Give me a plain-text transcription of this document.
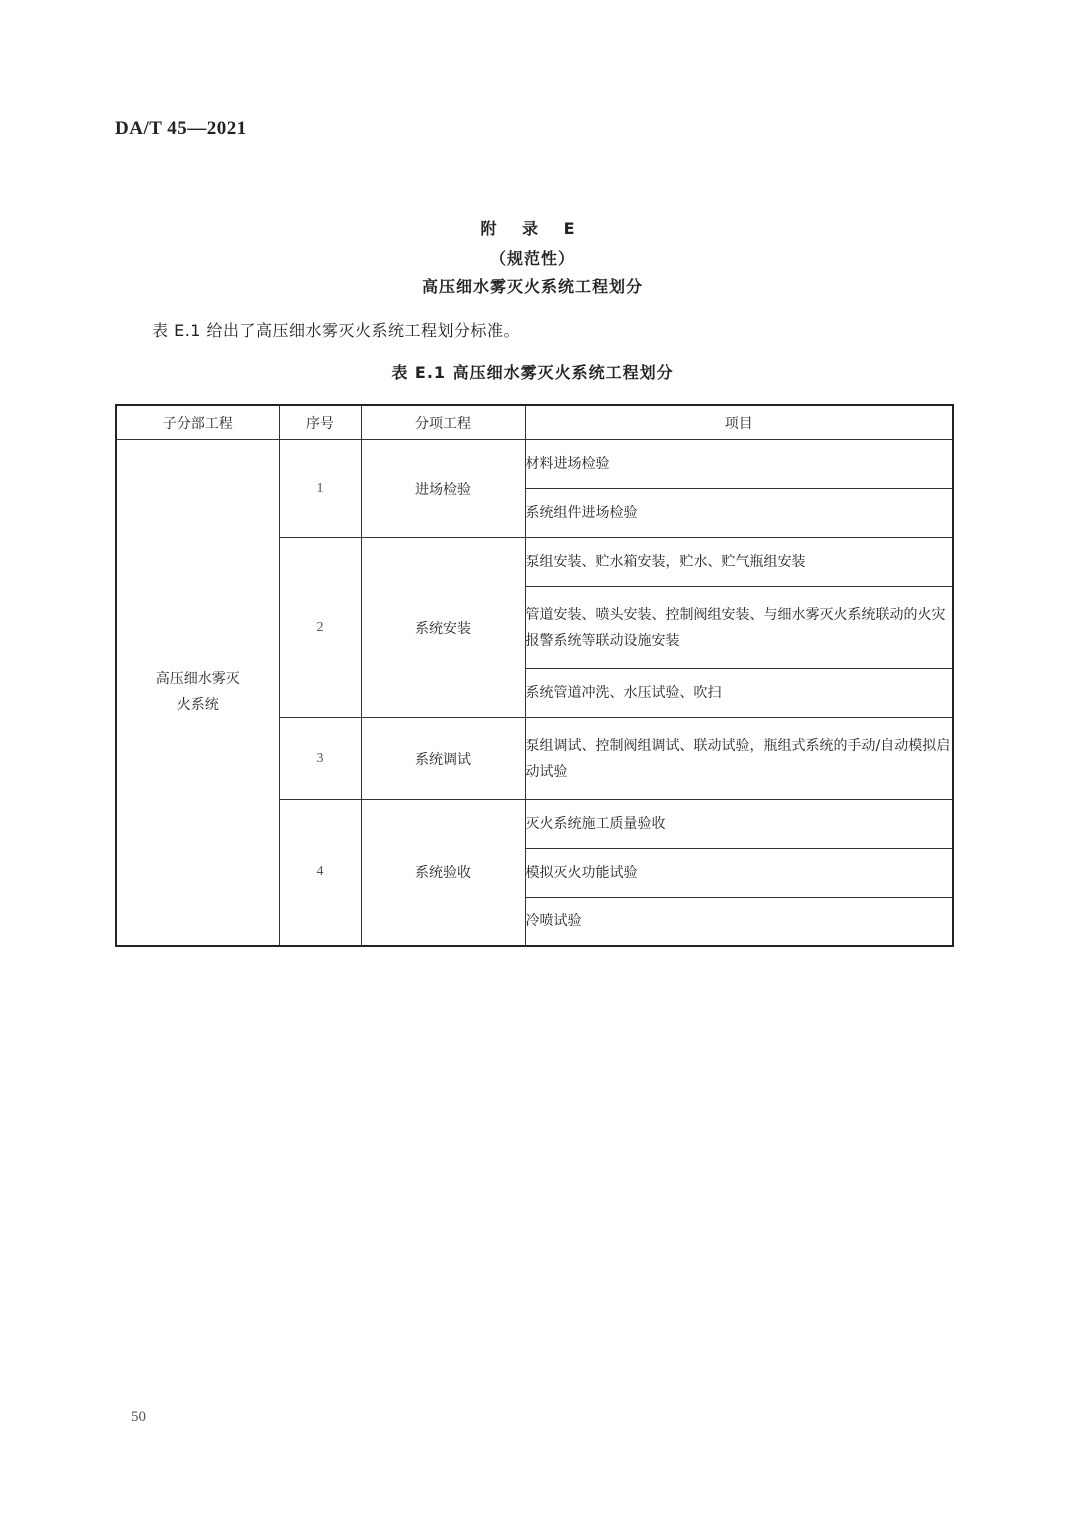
DA/T 45—2021
附 录 E
（规范性）
高压细水雾灭火系统工程划分
表 E.1 给出了高压细水雾灭火系统工程划分标准。
表 E.1 高压细水雾灭火系统工程划分
子分部工程	序号	分项工程	项目

高压细水雾灭火系统	1	进场检验	材料进场检验
			系统组件进场检验
	2	系统安装	泵组安装、贮水箱安装，贮水、贮气瓶组安装
			管道安装、喷头安装、控制阀组安装、与细水雾灭火系统联动的火灾报警系统等联动设施安装
			系统管道冲洗、水压试验、吹扫
	3	系统调试	泵组调试、控制阀组调试、联动试验，瓶组式系统的手动/自动模拟启动试验
	4	系统验收	灭火系统施工质量验收
			模拟灭火功能试验
			冷喷试验
50
